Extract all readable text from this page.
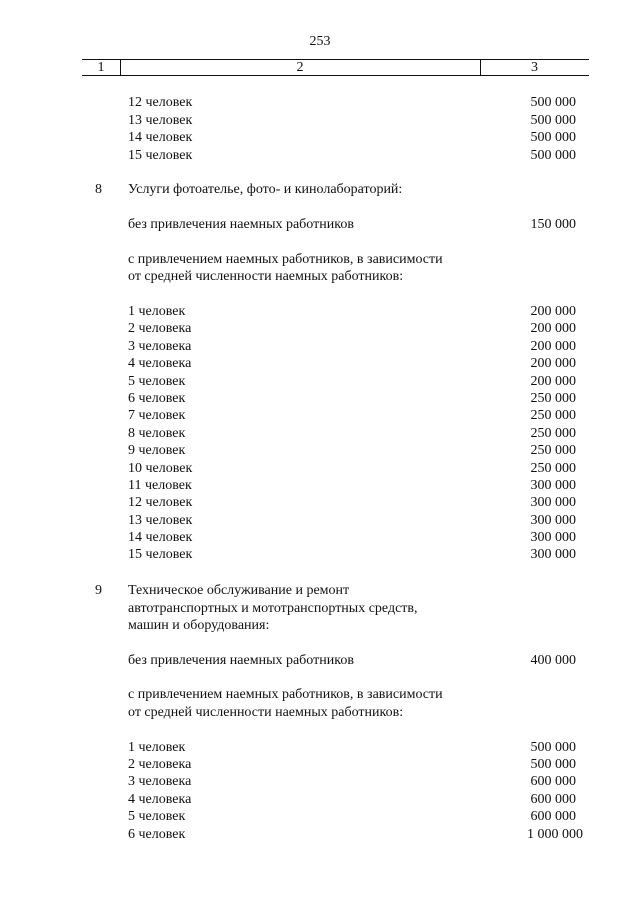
253
1	2	3
12 человек	500 000
13 человек	500 000
14 человек	500 000
15 человек	500 000
8 Услуги фотоателье, фото- и кинолабораторий:
без привлечения наемных работников	150 000
с привлечением наемных работников, в зависимости
от средней численности наемных работников:
1 человек	200 000
2 человека	200 000
3 человека	200 000
4 человека	200 000
5 человек	200 000
6 человек	250 000
7 человек	250 000
8 человек	250 000
9 человек	250 000
10 человек	250 000
11 человек	300 000
12 человек	300 000
13 человек	300 000
14 человек	300 000
15 человек	300 000
9 Техническое обслуживание и ремонт
автотранспортных и мототранспортных средств,
машин и оборудования:
без привлечения наемных работников	400 000
с привлечением наемных работников, в зависимости
от средней численности наемных работников:
1 человек	500 000
2 человека	500 000
3 человека	600 000
4 человека	600 000
5 человек	600 000
6 человек	1 000 000
